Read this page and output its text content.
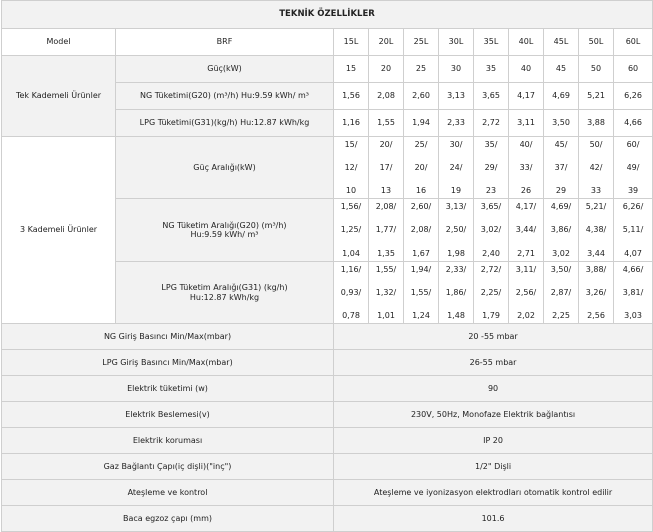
TEKNİK ÖZELLİKLER										
Model	BRF	15L	20L	25L	30L	35L	40L	45L	50L	60L
Tek Kademeli Ürünler	Güç(kW)	15	20	25	30	35	40	45	50	60
	NG Tüketimi(G20) (m³/h) Hu:9.59 kWh/ m³	1,56	2,08	2,60	3,13	3,65	4,17	4,69	5,21	6,26
	LPG Tüketimi(G31)(kg/h) Hu:12.87 kWh/kg	1,16	1,55	1,94	2,33	2,72	3,11	3,50	3,88	4,66
3 Kademeli Ürünler	Güç Aralığı(kW)	15/
12/
10	20/
17/
13	25/
20/
16	30/
24/
19	35/
29/
23	40/
33/
26	45/
37/
29	50/
42/
33	60/
49/
39

	NG Tüketim Aralığı(G20) (m³/h)
Hu:9.59 kWh/ m³	1,56/
1,25/
1,04	2,08/
1,77/
1,35	2,60/
2,08/
1,67	3,13/
2,50/
1,98	3,65/
3,02/
2,40	4,17/
3,44/
2,71	4,69/
3,86/
3,02	5,21/
4,38/
3,44	6,26/
5,11/
4,07

	LPG Tüketim Aralığı(G31) (kg/h)
Hu:12.87 kWh/kg	1,16/
0,93/
0,78	1,55/
1,32/
1,01	1,94/
1,55/
1,24	2,33/
1,86/
1,48	2,72/
2,25/
1,79	3,11/
2,56/
2,02	3,50/
2,87/
2,25	3,88/
3,26/
2,56	4,66/
3,81/
3,03

NG Giriş Basıncı Min/Max(mbar)		20 -55 mbar								
LPG Giriş Basıncı Min/Max(mbar)		26-55 mbar								
Elektrik tüketimi (w)		90								
Elektrik Beslemesi(v)		230V, 50Hz, Monofaze Elektrik bağlantısı								
Elektrik koruması		IP 20								
Gaz Bağlantı Çapı(iç dişli)("inç")		1/2" Dişli								
Ateşleme ve kontrol		Ateşleme ve iyonizasyon elektrodları otomatik kontrol edilir								
Baca egzoz çapı (mm)		101.6								
